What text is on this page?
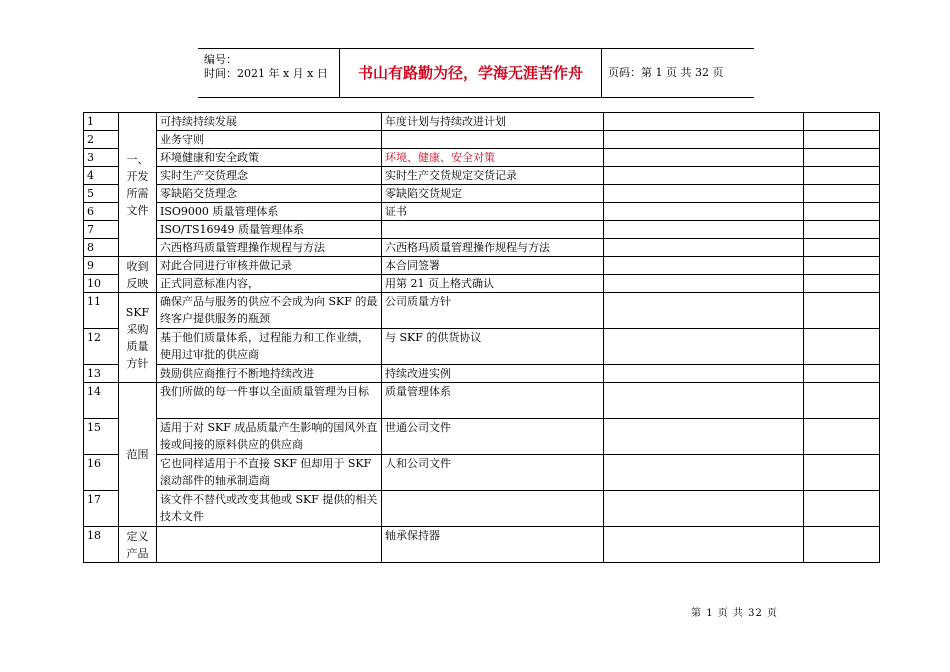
编号：
时间：2021 年 x 月 x 日	书山有路勤为径，学海无涯苦作舟	页码：第 1 页 共 32 页
1	一、开发所需文件	可持续持续发展	年度计划与持续改进计划		
2		业务守则			
3		环境健康和安全政策	环境、健康、安全对策		
4		实时生产交货理念	实时生产交货规定交货记录		
5		零缺陷交货理念	零缺陷交货规定		
6		ISO9000 质量管理体系	证书		
7		ISO/TS16949 质量管理体系			
8		六西格玛质量管理操作规程与方法	六西格玛质量管理操作规程与方法		
9	收到反映	对此合同进行审核并做记录	本合同签署		
10		正式同意标准内容，	用第 21 页上格式确认		
11	SKF 采购质量方针	确保产品与服务的供应不会成为向 SKF 的最终客户提供服务的瓶颈	公司质量方针		
12		基于他们质量体系，过程能力和工作业绩，使用过审批的供应商	与 SKF 的供货协议		
13		鼓励供应商推行不断地持续改进	持续改进实例		
14	范围	我们所做的每一件事以全面质量管理为目标	质量管理体系		
15		适用于对 SKF 成品质量产生影响的国风外直接或间接的原料供应的供应商	世通公司文件		
16		它也同样适用于不直接 SKF 但却用于 SKF 滚动部件的轴承制造商	人和公司文件		
17		该文件不替代或改变其他或 SKF 提供的相关技术文件			
18	定义产品		轴承保持器		
第 1 页 共 32 页
